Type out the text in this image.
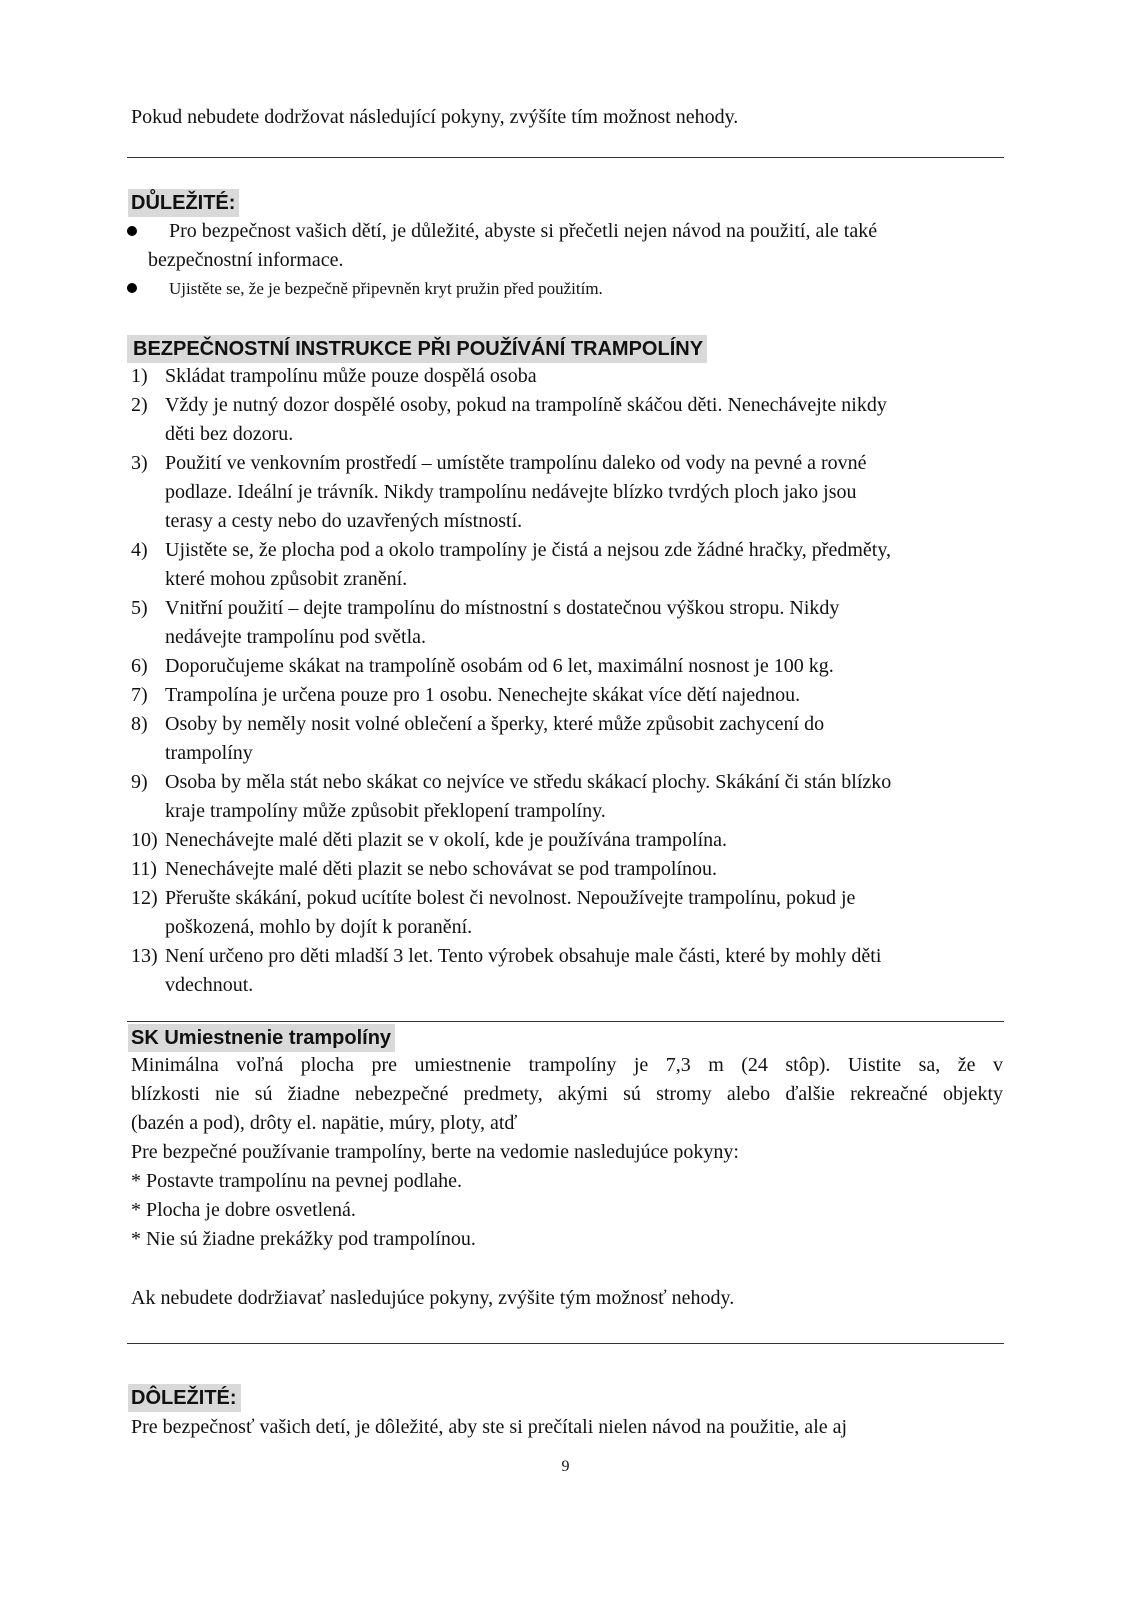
Pokud nebudete dodržovat následující pokyny, zvýšíte tím možnost nehody.
DŮLEŽITÉ:
Pro bezpečnost vašich dětí, je důležité, abyste si přečetli nejen návod na použití, ale také
bezpečnostní informace.
Ujistěte se, že je bezpečně připevněn kryt pružin před použitím.
BEZPEČNOSTNÍ INSTRUKCE PŘI POUŽÍVÁNÍ TRAMPOLÍNY
1) Skládat trampolínu může pouze dospělá osoba
2) Vždy je nutný dozor dospělé osoby, pokud na trampolíně skáčou děti. Nenechávejte nikdy
děti bez dozoru.
3) Použití ve venkovním prostředí – umístěte trampolínu daleko od vody na pevné a rovné
podlaze. Ideální je trávník. Nikdy trampolínu nedávejte blízko tvrdých ploch jako jsou
terasy a cesty nebo do uzavřených místností.
4) Ujistěte se, že plocha pod a okolo trampolíny je čistá a nejsou zde žádné hračky, předměty,
které mohou způsobit zranění.
5) Vnitřní použití – dejte trampolínu do místnostní s dostatečnou výškou stropu. Nikdy
nedávejte trampolínu pod světla.
6) Doporučujeme skákat na trampolíně osobám od 6 let, maximální nosnost je 100 kg.
7) Trampolína je určena pouze pro 1 osobu. Nenechejte skákat více dětí najednou.
8) Osoby by neměly nosit volné oblečení a šperky, které může způsobit zachycení do
trampolíny
9) Osoba by měla stát nebo skákat co nejvíce ve středu skákací plochy. Skákání či stán blízko
kraje trampolíny může způsobit překlopení trampolíny.
10) Nenechávejte malé děti plazit se v okolí, kde je používána trampolína.
11) Nenechávejte malé děti plazit se nebo schovávat se pod trampolínou.
12) Přerušte skákání, pokud ucítíte bolest či nevolnost. Nepoužívejte trampolínu, pokud je
poškozená, mohlo by dojít k poranění.
13) Není určeno pro děti mladší 3 let. Tento výrobek obsahuje male části, které by mohly děti
vdechnout.
SK Umiestnenie trampolíny
Minimálna voľná plocha pre umiestnenie trampolíny je 7,3 m (24 stôp). Uistite sa, že v
blízkosti nie sú žiadne nebezpečné predmety, akými sú stromy alebo ďalšie rekreačné objekty
(bazén a pod), drôty el. napätie, múry, ploty, atď
Pre bezpečné používanie trampolíny, berte na vedomie nasledujúce pokyny:
* Postavte trampolínu na pevnej podlahe.
* Plocha je dobre osvetlená.
* Nie sú žiadne prekážky pod trampolínou.
Ak nebudete dodržiavať nasledujúce pokyny, zvýšite tým možnosť nehody.
DÔLEŽITÉ:
Pre bezpečnosť vašich detí, je dôležité, aby ste si prečítali nielen návod na použitie, ale aj
9
